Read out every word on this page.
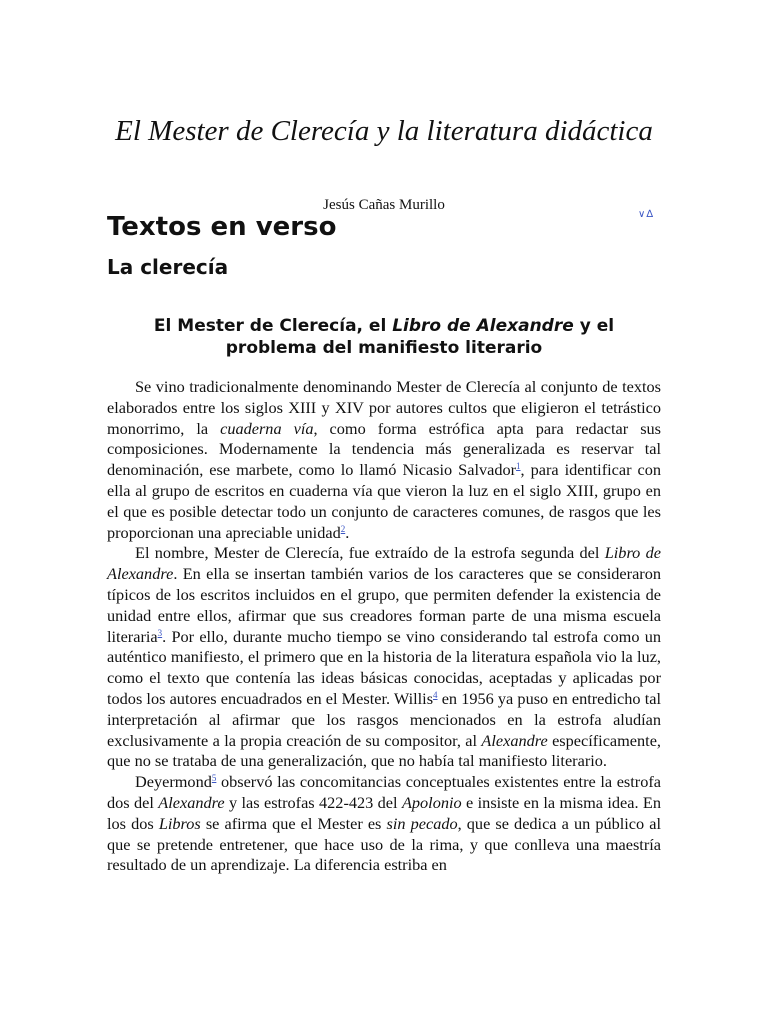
El Mester de Clerecía y la literatura didáctica
Jesús Cañas Murillo
∨∆
Textos en verso
La clerecía
El Mester de Clerecía, el Libro de Alexandre y el problema del manifiesto literario

Se vino tradicionalmente denominando Mester de Clerecía al conjunto de textos elaborados entre los siglos XIII y XIV por autores cultos que eligieron el tetrástico monorrimo, la cuaderna vía, como forma estrófica apta para redactar sus composiciones. Modernamente la tendencia más generalizada es reservar tal denominación, ese marbete, como lo llamó Nicasio Salvador$^1$, para identificar con ella al grupo de escritos en cuaderna vía que vieron la luz en el siglo XIII, grupo en el que es posible detectar todo un conjunto de caracteres comunes, de rasgos que les proporcionan una apreciable unidad$^2$.

El nombre, Mester de Clerecía, fue extraído de la estrofa segunda del Libro de Alexandre. En ella se insertan también varios de los caracteres que se consideraron típicos de los escritos incluidos en el grupo, que permiten defender la existencia de unidad entre ellos, afirmar que sus creadores forman parte de una misma escuela literaria$^3$. Por ello, durante mucho tiempo se vino considerando tal estrofa como un auténtico manifiesto, el primero que en la historia de la literatura española vio la luz, como el texto que contenía las ideas básicas conocidas, aceptadas y aplicadas por todos los autores encuadrados en el Mester. Willis$^4$ en 1956 ya puso en entredicho tal interpretación al afirmar que los rasgos mencionados en la estrofa aludían exclusivamente a la propia creación de su compositor, al Alexandre específicamente, que no se trataba de una generalización, que no había tal manifiesto literario.

Deyermond$^5$ observó las concomitancias conceptuales existentes entre la estrofa dos del Alexandre y las estrofas 422-423 del Apolonio e insiste en la misma idea. En los dos Libros se afirma que el Mester es sin pecado, que se dedica a un público al que se pretende entretener, que hace uso de la rima, y que conlleva una maestría resultado de un aprendizaje. La diferencia estriba en
